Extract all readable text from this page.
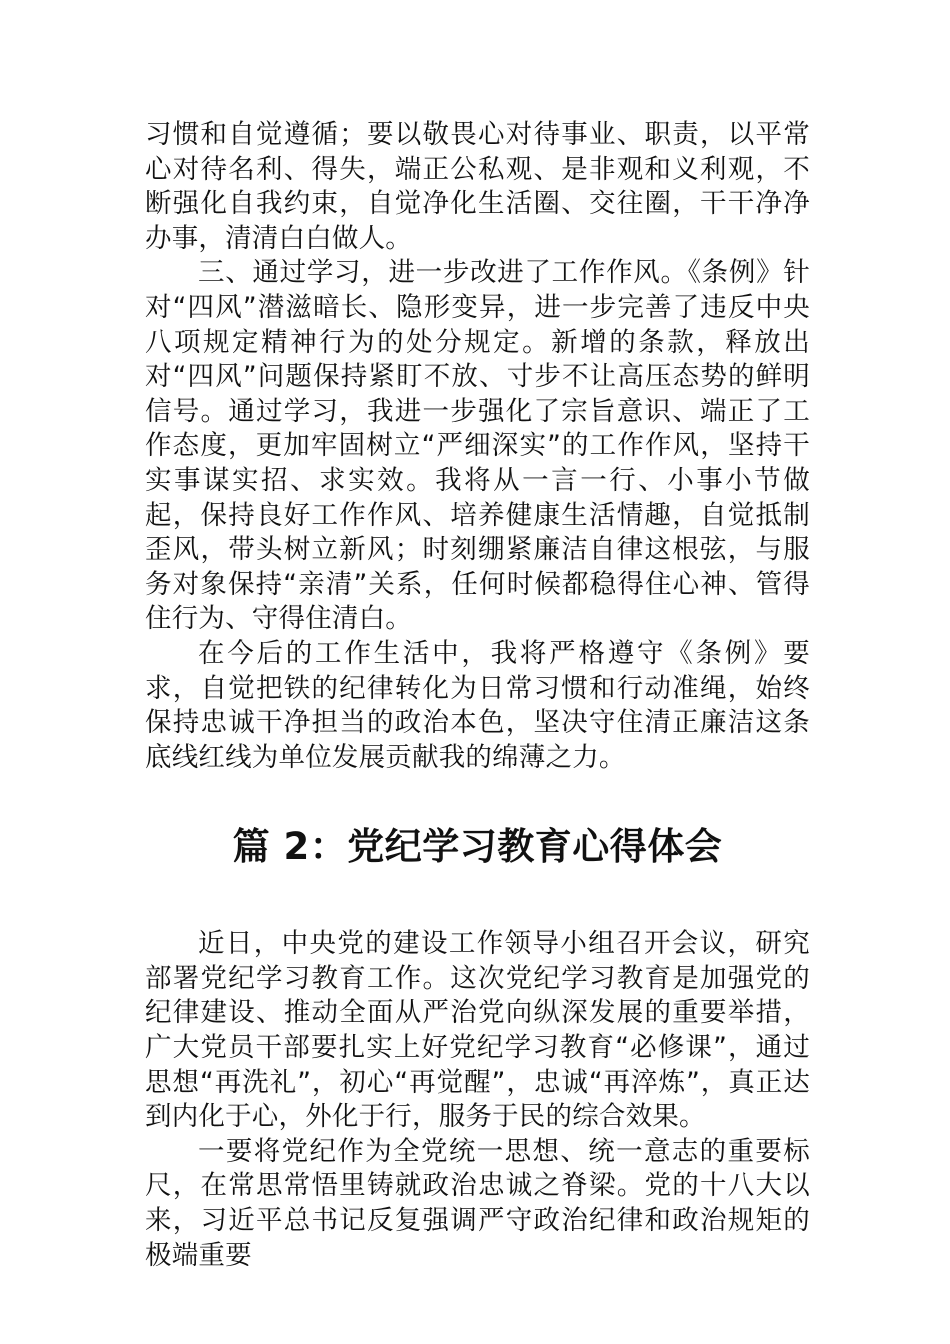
习惯和自觉遵循；要以敬畏心对待事业、职责，以平常心对待名利、得失，端正公私观、是非观和义利观，不断强化自我约束，自觉净化生活圈、交往圈，干干净净办事，清清白白做人。

三、通过学习，进一步改进了工作作风。《条例》针对“四风”潜滋暗长、隐形变异，进一步完善了违反中央八项规定精神行为的处分规定。新增的条款，释放出对“四风”问题保持紧盯不放、寸步不让高压态势的鲜明信号。通过学习，我进一步强化了宗旨意识、端正了工作态度，更加牢固树立“严细深实”的工作作风，坚持干实事谋实招、求实效。我将从一言一行、小事小节做起，保持良好工作作风、培养健康生活情趣，自觉抵制歪风，带头树立新风；时刻绷紧廉洁自律这根弦，与服务对象保持“亲清”关系，任何时候都稳得住心神、管得住行为、守得住清白。

在今后的工作生活中，我将严格遵守《条例》要求，自觉把铁的纪律转化为日常习惯和行动准绳，始终保持忠诚干净担当的政治本色，坚决守住清正廉洁这条底线红线为单位发展贡献我的绵薄之力。

篇 2：党纪学习教育心得体会

近日，中央党的建设工作领导小组召开会议，研究部署党纪学习教育工作。这次党纪学习教育是加强党的纪律建设、推动全面从严治党向纵深发展的重要举措，广大党员干部要扎实上好党纪学习教育“必修课”，通过思想“再洗礼”，初心“再觉醒”，忠诚“再淬炼”，真正达到内化于心，外化于行，服务于民的综合效果。

一要将党纪作为全党统一思想、统一意志的重要标尺，在常思常悟里铸就政治忠诚之脊梁。党的十八大以来，习近平总书记反复强调严守政治纪律和政治规矩的极端重要
